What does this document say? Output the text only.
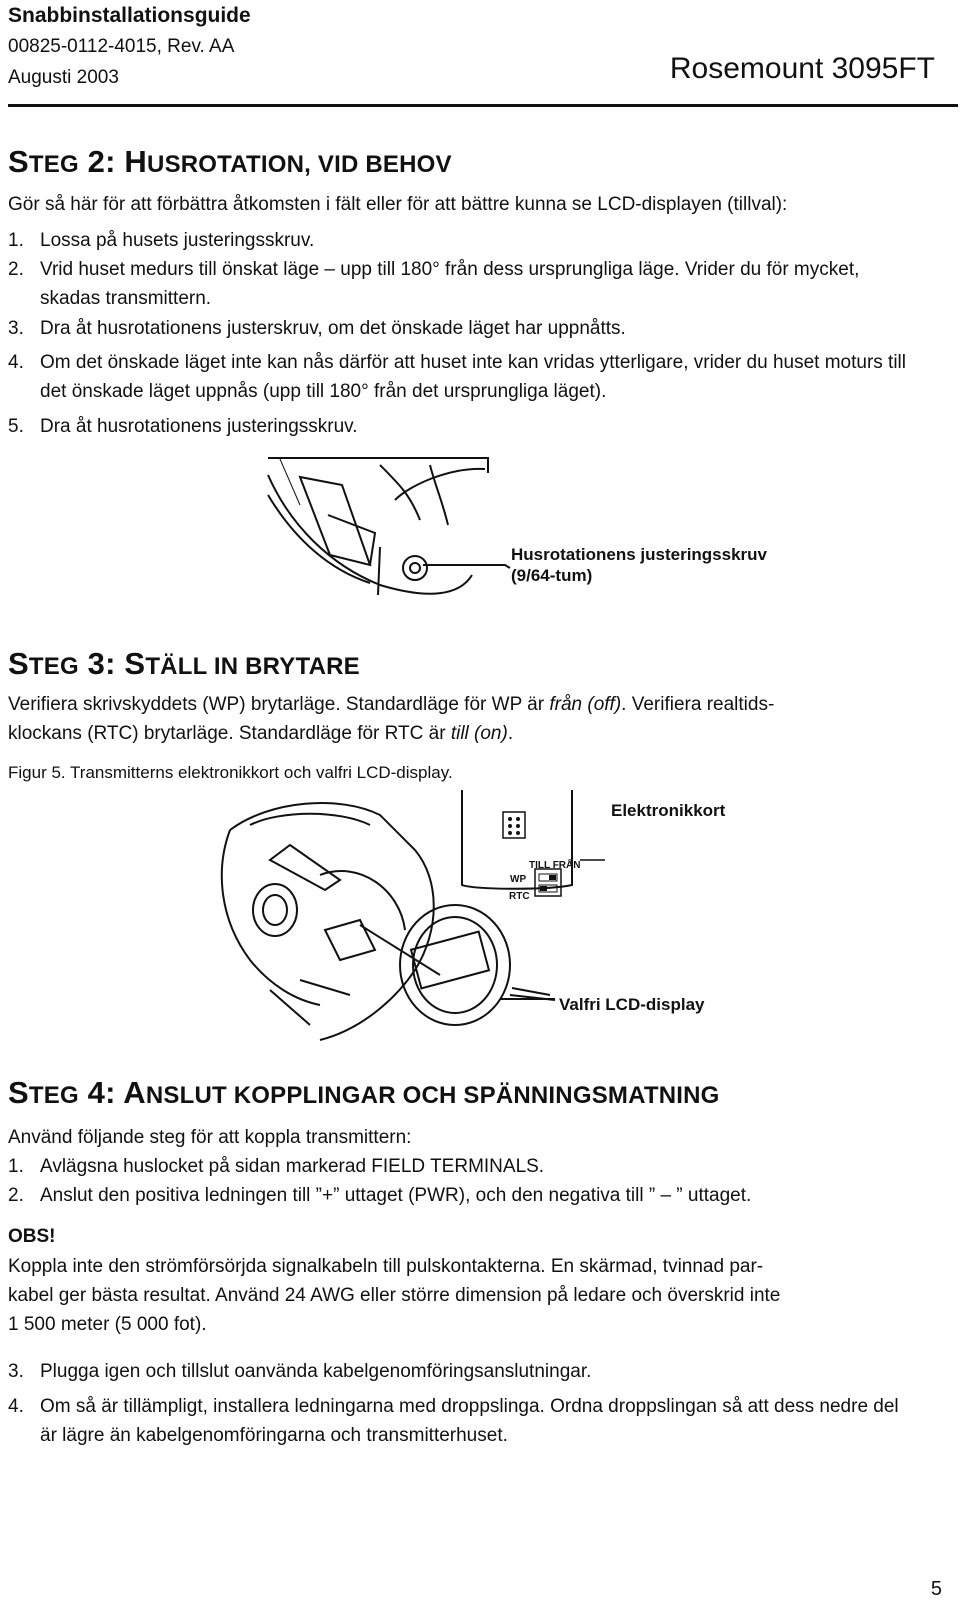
Snabbinstallationsguide
00825-0112-4015, Rev. AA
Augusti 2003	Rosemount 3095FT
STEG 2: HUSROTATION, VID BEHOV
Gör så här för att förbättra åtkomsten i fält eller för att bättre kunna se LCD-displayen (tillval):
1. Lossa på husets justeringsskruv.
2. Vrid huset medurs till önskat läge – upp till 180° från dess ursprungliga läge. Vrider du för mycket, skadas transmittern.
3. Dra åt husrotationens justerskruv, om det önskade läget har uppnåtts.
4. Om det önskade läget inte kan nås därför att huset inte kan vridas ytterligare, vrider du huset moturs till det önskade läget uppnås (upp till 180° från det ursprungliga läget).
5. Dra åt husrotationens justeringsskruv.
Husrotationens justeringsskruv
(9/64-tum)
STEG 3: STÄLL IN BRYTARE
Verifiera skrivskyddets (WP) brytarläge. Standardläge för WP är från (off). Verifiera realtids-
klockans (RTC) brytarläge. Standardläge för RTC är till (on).
Figur 5. Transmitterns elektronikkort och valfri LCD-display.
Elektronikkort
TILL FRÅN
WP
RTC
Valfri LCD-display
STEG 4: ANSLUT KOPPLINGAR OCH SPÄNNINGSMATNING
Använd följande steg för att koppla transmittern:
1. Avlägsna huslocket på sidan markerad FIELD TERMINALS.
2. Anslut den positiva ledningen till ”+” uttaget (PWR), och den negativa till ” – ” uttaget.
OBS!
Koppla inte den strömförsörjda signalkabeln till pulskontakterna. En skärmad, tvinnad par-
kabel ger bästa resultat. Använd 24 AWG eller större dimension på ledare och överskrid inte
1 500 meter (5 000 fot).
3. Plugga igen och tillslut oanvända kabelgenomföringsanslutningar.
4. Om så är tillämpligt, installera ledningarna med droppslinga. Ordna droppslingan så att dess nedre del är lägre än kabelgenomföringarna och transmitterhuset.
5
